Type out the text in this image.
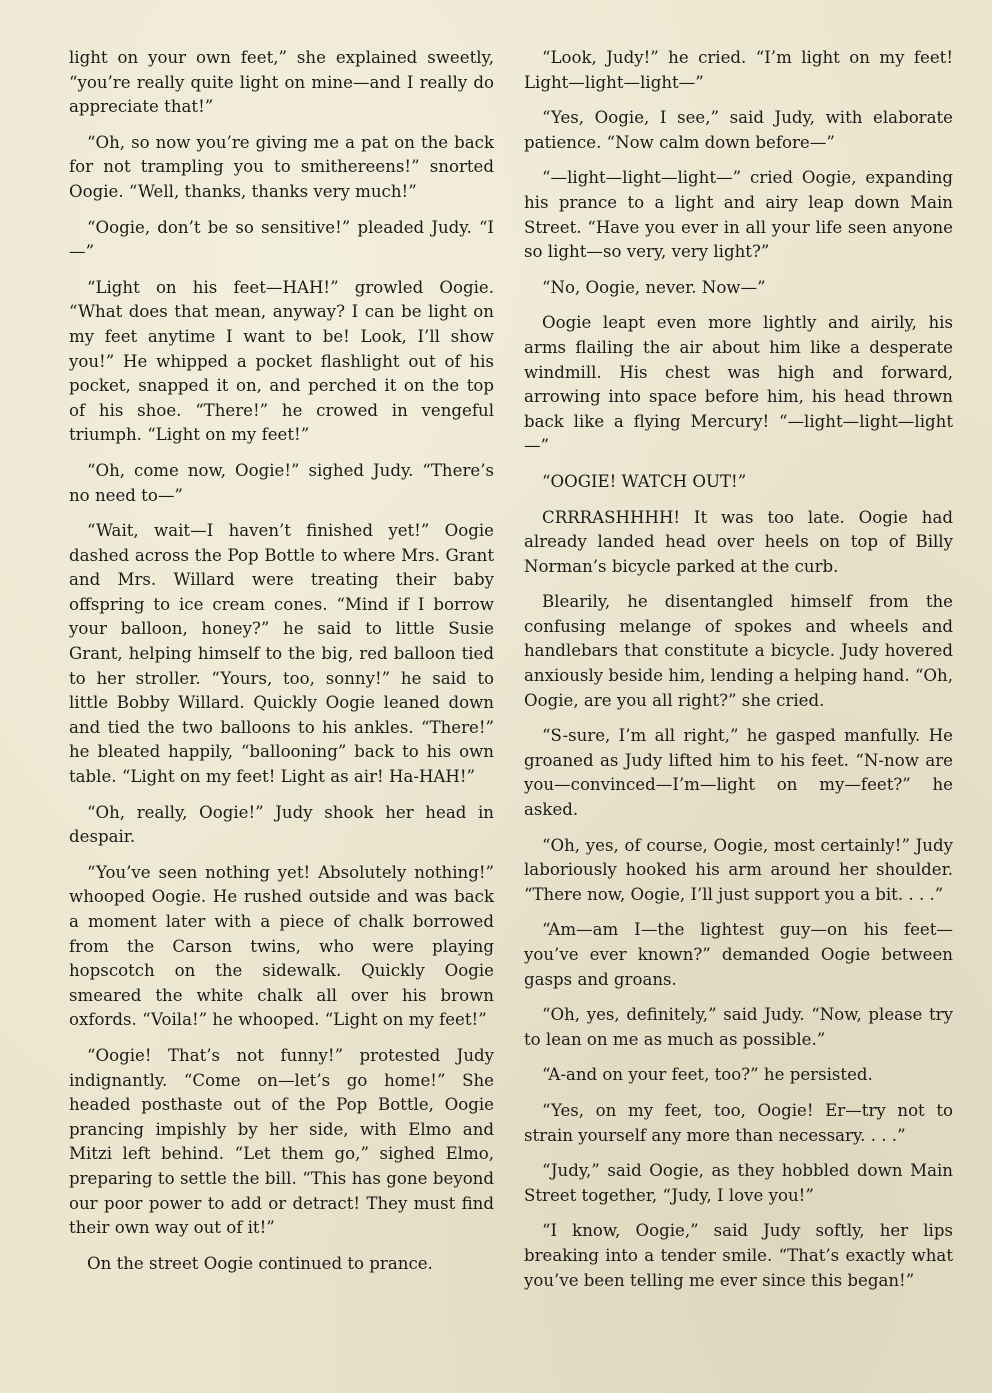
light on your own feet,” she explained sweetly, “you’re really quite light on mine—and I really do appreciate that!”

“Oh, so now you’re giving me a pat on the back for not trampling you to smithereens!” snorted Oogie. “Well, thanks, thanks very much!”

“Oogie, don’t be so sensitive!” pleaded Judy. “I—”

“Light on his feet—HAH!” growled Oogie. “What does that mean, anyway? I can be light on my feet anytime I want to be! Look, I’ll show you!” He whipped a pocket flashlight out of his pocket, snapped it on, and perched it on the top of his shoe. “There!” he crowed in vengeful triumph. “Light on my feet!”

“Oh, come now, Oogie!” sighed Judy. “There’s no need to—”

“Wait, wait—I haven’t finished yet!” Oogie dashed across the Pop Bottle to where Mrs. Grant and Mrs. Willard were treating their baby offspring to ice cream cones. “Mind if I borrow your balloon, honey?” he said to little Susie Grant, helping himself to the big, red balloon tied to her stroller. “Yours, too, sonny!” he said to little Bobby Willard. Quickly Oogie leaned down and tied the two balloons to his ankles. “There!” he bleated happily, “ballooning” back to his own table. “Light on my feet! Light as air! Ha-HAH!”

“Oh, really, Oogie!” Judy shook her head in despair.

“You’ve seen nothing yet! Absolutely nothing!” whooped Oogie. He rushed outside and was back a moment later with a piece of chalk borrowed from the Carson twins, who were playing hopscotch on the sidewalk. Quickly Oogie smeared the white chalk all over his brown oxfords. “Voila!” he whooped. “Light on my feet!”

“Oogie! That’s not funny!” protested Judy indignantly. “Come on—let’s go home!” She headed posthaste out of the Pop Bottle, Oogie prancing impishly by her side, with Elmo and Mitzi left behind. “Let them go,” sighed Elmo, preparing to settle the bill. “This has gone beyond our poor power to add or detract! They must find their own way out of it!”

On the street Oogie continued to prance.

“Look, Judy!” he cried. “I’m light on my feet! Light—light—light—”

“Yes, Oogie, I see,” said Judy, with elaborate patience. “Now calm down before—”

“—light—light—light—” cried Oogie, expanding his prance to a light and airy leap down Main Street. “Have you ever in all your life seen anyone so light—so very, very light?”

“No, Oogie, never. Now—”

Oogie leapt even more lightly and airily, his arms flailing the air about him like a desperate windmill. His chest was high and forward, arrowing into space before him, his head thrown back like a flying Mercury! “—light—light—light—”

“OOGIE! WATCH OUT!”

CRRRASHHHH! It was too late. Oogie had already landed head over heels on top of Billy Norman’s bicycle parked at the curb.

Blearily, he disentangled himself from the confusing melange of spokes and wheels and handlebars that constitute a bicycle. Judy hovered anxiously beside him, lending a helping hand. “Oh, Oogie, are you all right?” she cried.

“S-sure, I’m all right,” he gasped manfully. He groaned as Judy lifted him to his feet. “N-now are you—convinced—I’m—light on my—feet?” he asked.

“Oh, yes, of course, Oogie, most certainly!” Judy laboriously hooked his arm around her shoulder. “There now, Oogie, I’ll just support you a bit. . . .”

“Am—am I—the lightest guy—on his feet—you’ve ever known?” demanded Oogie between gasps and groans.

“Oh, yes, definitely,” said Judy. “Now, please try to lean on me as much as possible.”

“A-and on your feet, too?” he persisted.

“Yes, on my feet, too, Oogie! Er—try not to strain yourself any more than necessary. . . .”

“Judy,” said Oogie, as they hobbled down Main Street together, “Judy, I love you!”

“I know, Oogie,” said Judy softly, her lips breaking into a tender smile. “That’s exactly what you’ve been telling me ever since this began!”
